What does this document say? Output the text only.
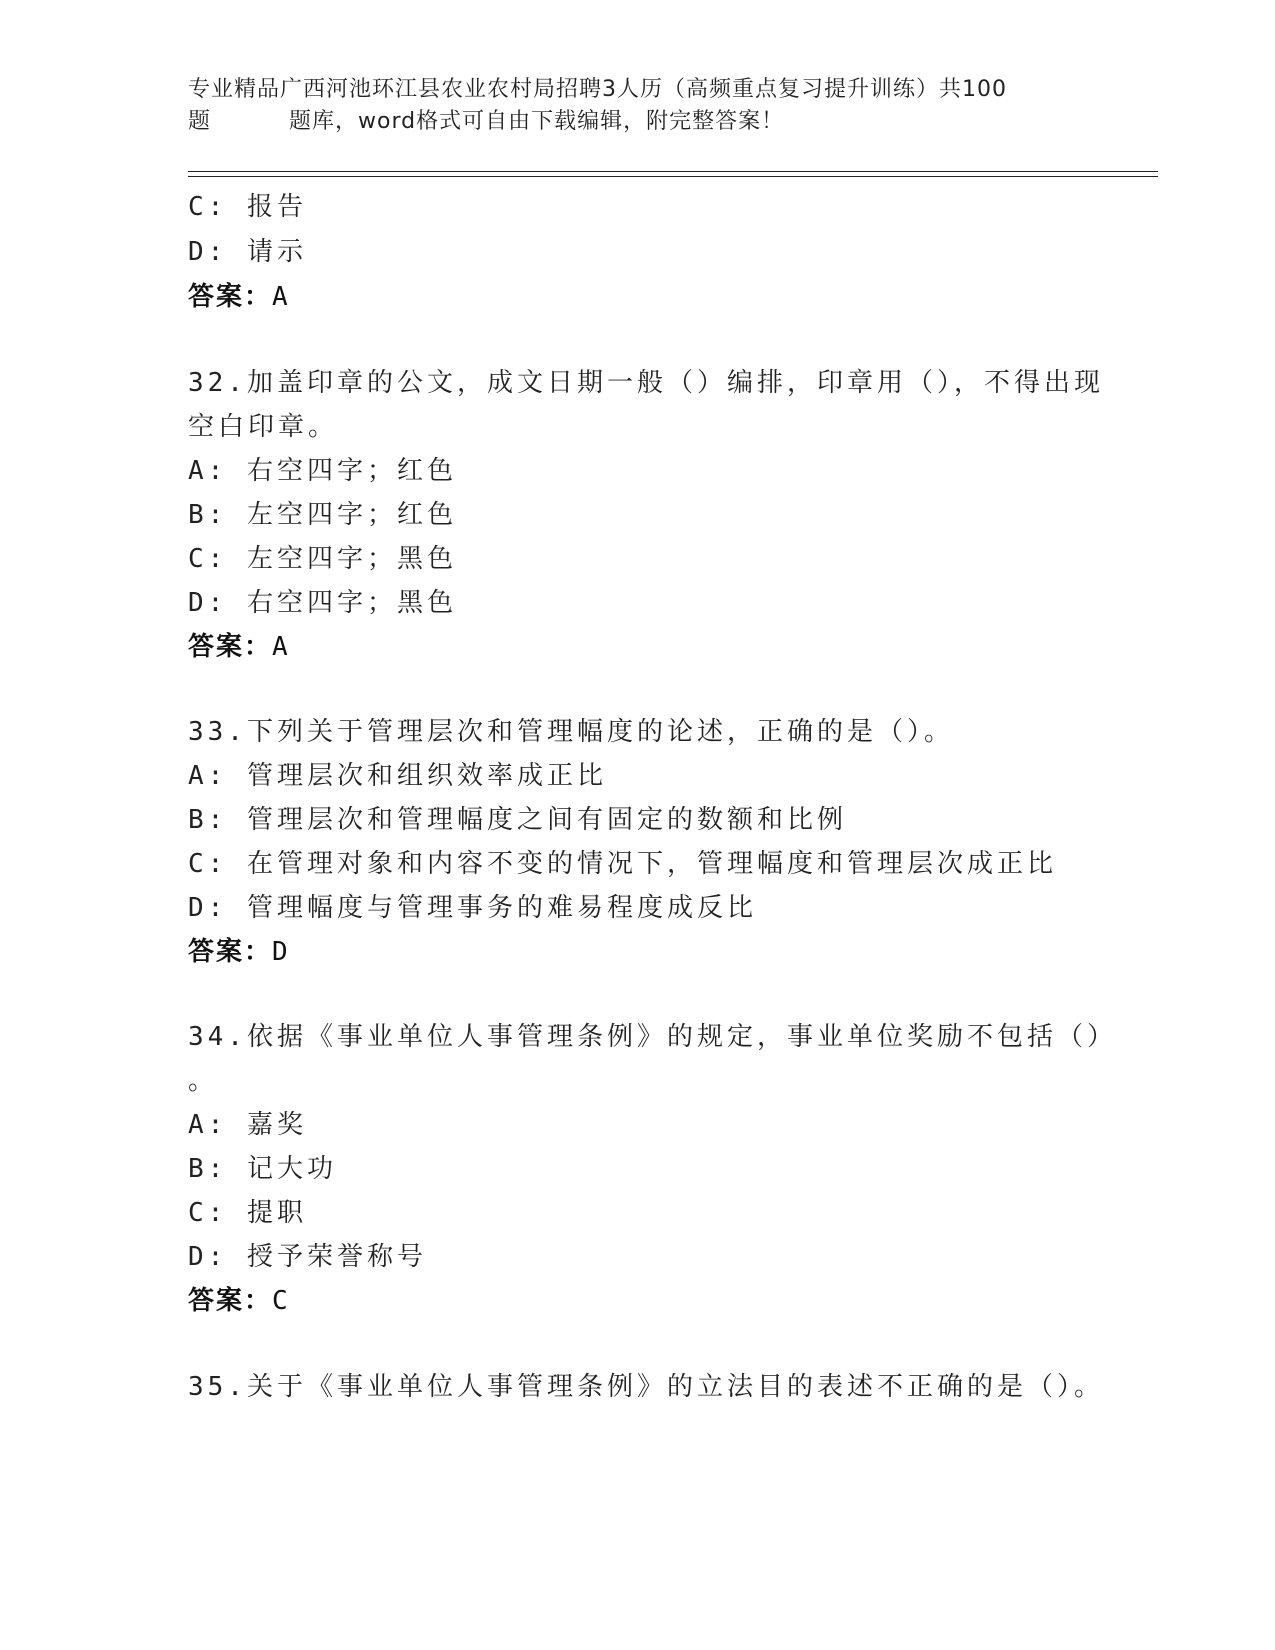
专业精品广西河池环江县农业农村局招聘3人历（高频重点复习提升训练）共100
题	题库，word格式可自由下载编辑，附完整答案！
C: 报告
D: 请示
答案：A
32.加盖印章的公文，成文日期一般（）编排，印章用（），不得出现
空白印章。
A: 右空四字；红色
B: 左空四字；红色
C: 左空四字；黑色
D: 右空四字；黑色
答案：A
33.下列关于管理层次和管理幅度的论述，正确的是（）。
A: 管理层次和组织效率成正比
B: 管理层次和管理幅度之间有固定的数额和比例
C: 在管理对象和内容不变的情况下，管理幅度和管理层次成正比
D: 管理幅度与管理事务的难易程度成反比
答案：D
34.依据《事业单位人事管理条例》的规定，事业单位奖励不包括（）
。
A: 嘉奖
B: 记大功
C: 提职
D: 授予荣誉称号
答案：C
35.关于《事业单位人事管理条例》的立法目的表述不正确的是（）。
